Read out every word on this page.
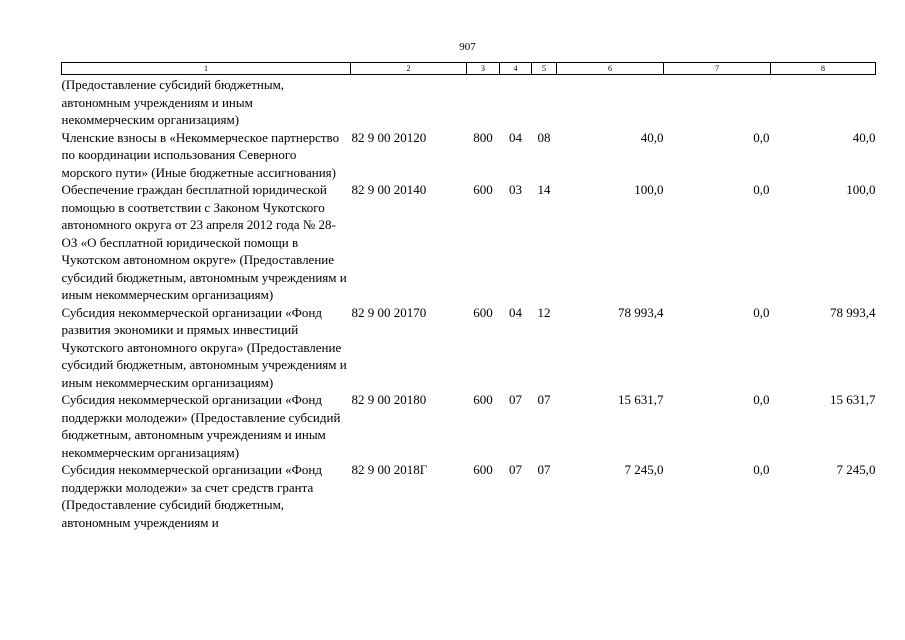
907
1	2	3	4	5	6	7	8
(Предоставление субсидий бюджетным, автономным учреждениям и иным некоммерческим организациям)							
Членские взносы в «Некоммерческое партнерство по координации использования Северного морского пути» (Иные бюджетные ассигнования)	82 9 00 20120	800	04	08	40,0	0,0	40,0
Обеспечение граждан бесплатной юридической помощью в соответствии с Законом Чукотского автономного округа от 23 апреля 2012 года № 28-ОЗ «О бесплатной юридической помощи в Чукотском автономном округе» (Предоставление субсидий бюджетным, автономным учреждениям и иным некоммерческим организациям)	82 9 00 20140	600	03	14	100,0	0,0	100,0
Субсидия некоммерческой организации «Фонд развития экономики и прямых инвестиций Чукотского автономного округа» (Предоставление субсидий бюджетным, автономным учреждениям и иным некоммерческим организациям)	82 9 00 20170	600	04	12	78 993,4	0,0	78 993,4
Субсидия некоммерческой организации «Фонд поддержки молодежи» (Предоставление субсидий бюджетным, автономным учреждениям и иным некоммерческим организациям)	82 9 00 20180	600	07	07	15 631,7	0,0	15 631,7
Субсидия некоммерческой организации «Фонд поддержки молодежи» за счет средств гранта (Предоставление субсидий бюджетным, автономным учреждениям и	82 9 00 2018Г	600	07	07	7 245,0	0,0	7 245,0
